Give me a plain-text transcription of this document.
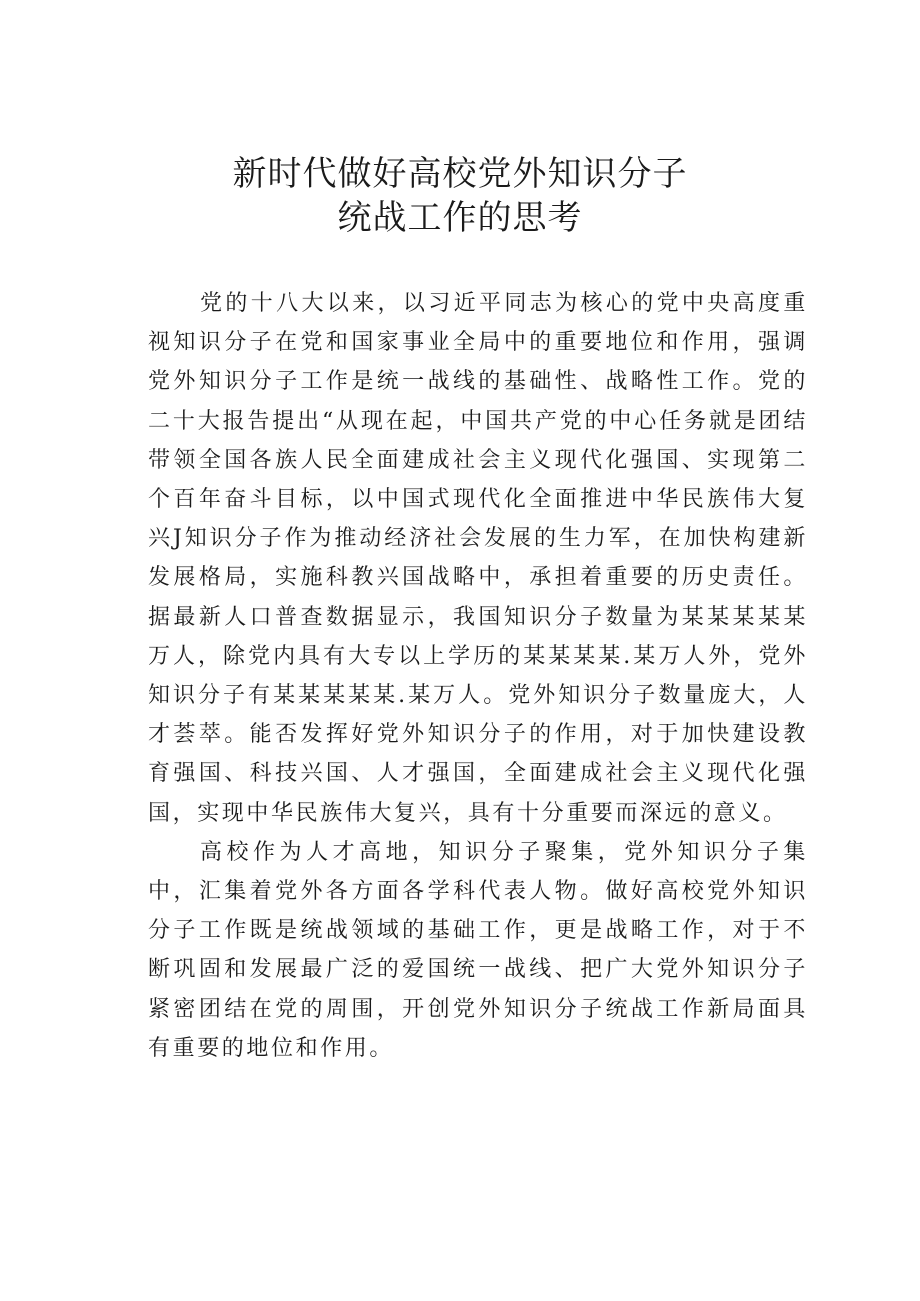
新时代做好高校党外知识分子
统战工作的思考

党的十八大以来，以习近平同志为核心的党中央高度重视知识分子在党和国家事业全局中的重要地位和作用，强调党外知识分子工作是统一战线的基础性、战略性工作。党的二十大报告提出“从现在起，中国共产党的中心任务就是团结带领全国各族人民全面建成社会主义现代化强国、实现第二个百年奋斗目标，以中国式现代化全面推进中华民族伟大复兴J知识分子作为推动经济社会发展的生力军，在加快构建新发展格局，实施科教兴国战略中，承担着重要的历史责任。据最新人口普查数据显示，我国知识分子数量为某某某某某万人，除党内具有大专以上学历的某某某某.某万人外，党外知识分子有某某某某某.某万人。党外知识分子数量庞大，人才荟萃。能否发挥好党外知识分子的作用，对于加快建设教育强国、科技兴国、人才强国，全面建成社会主义现代化强国，实现中华民族伟大复兴，具有十分重要而深远的意义。

高校作为人才高地，知识分子聚集，党外知识分子集中，汇集着党外各方面各学科代表人物。做好高校党外知识分子工作既是统战领域的基础工作，更是战略工作，对于不断巩固和发展最广泛的爱国统一战线、把广大党外知识分子紧密团结在党的周围，开创党外知识分子统战工作新局面具有重要的地位和作用。
